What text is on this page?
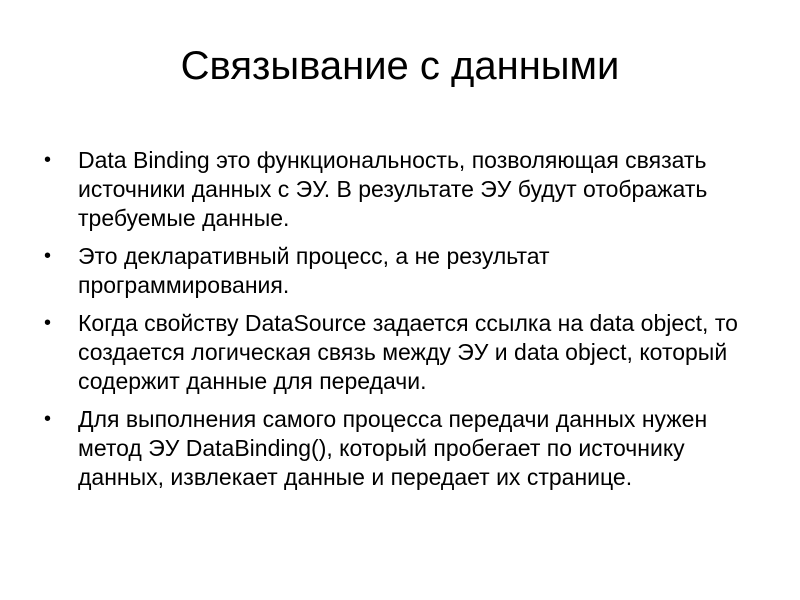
Связывание с данными
• Data Binding это функциональность, позволяющая связать источники данных с ЭУ. В результате ЭУ будут отображать требуемые данные.
• Это декларативный процесс, а не результат программирования.
• Когда свойству DataSource задается ссылка на data object, то создается логическая связь между ЭУ и data object, который содержит данные для передачи.
• Для выполнения самого процесса передачи данных нужен метод ЭУ DataBinding(), который пробегает по источнику данных, извлекает данные и передает их странице.
